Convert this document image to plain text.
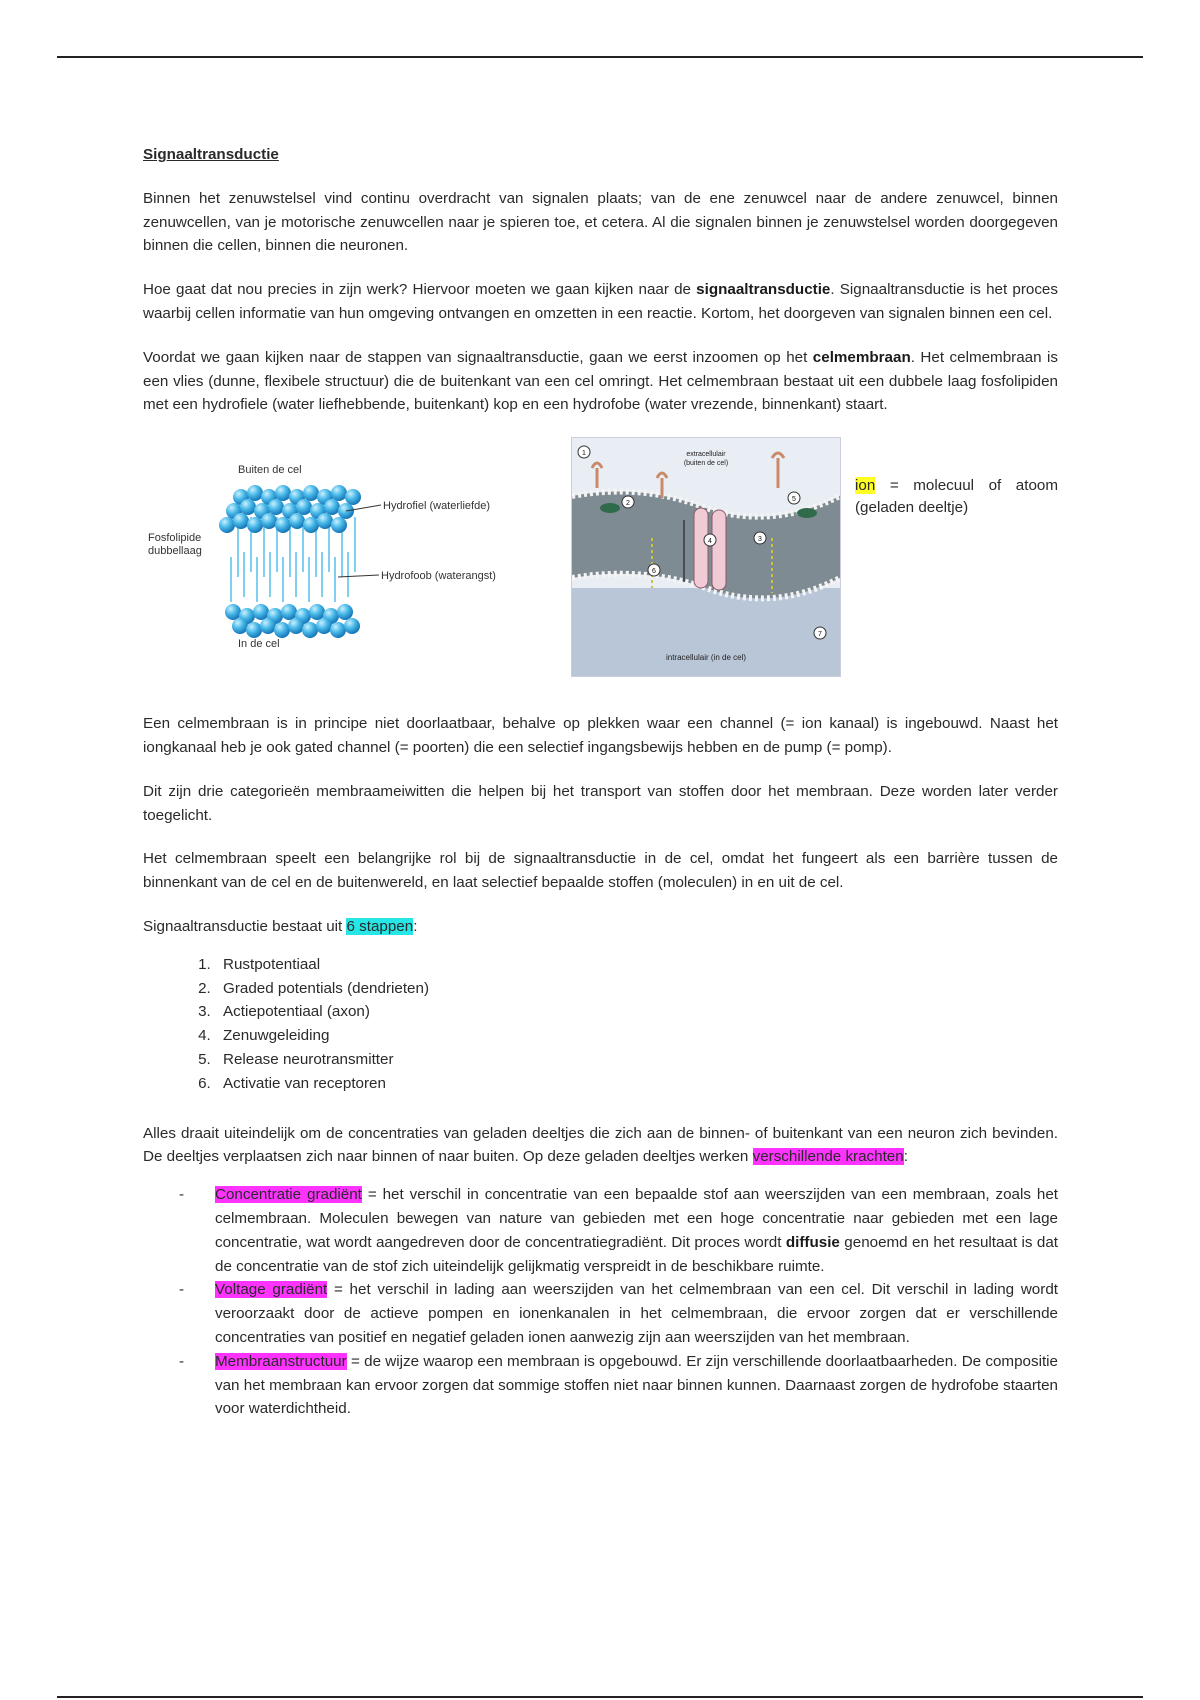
Signaaltransductie

Binnen het zenuwstelsel vind continu overdracht van signalen plaats; van de ene zenuwcel naar de andere zenuwcel, binnen zenuwcellen, van je motorische zenuwcellen naar je spieren toe, et cetera. Al die signalen binnen je zenuwstelsel worden doorgegeven binnen die cellen, binnen die neuronen.

Hoe gaat dat nou precies in zijn werk? Hiervoor moeten we gaan kijken naar de signaaltransductie. Signaaltransductie is het proces waarbij cellen informatie van hun omgeving ontvangen en omzetten in een reactie. Kortom, het doorgeven van signalen binnen een cel.

Voordat we gaan kijken naar de stappen van signaaltransductie, gaan we eerst inzoomen op het celmembraan. Het celmembraan is een vlies (dunne, flexibele structuur) die de buitenkant van een cel omringt. Het celmembraan bestaat uit een dubbele laag fosfolipiden met een hydrofiele (water liefhebbende, buitenkant) kop en een hydrofobe (water vrezende, binnenkant) staart.

Buiten de cel
Fosfolipide
dubbellaag
Hydrofiel (waterliefde)
Hydrofoob (waterangst)
In de cel
extracellulair
(buiten de cel)
intracellulair (in de cel)
1
2
3
4
5
6
7
ion = molecuul of atoom (geladen deeltje)

Een celmembraan is in principe niet doorlaatbaar, behalve op plekken waar een channel (= ion kanaal) is ingebouwd. Naast het iongkanaal heb je ook gated channel (= poorten) die een selectief ingangsbewijs hebben en de pump (= pomp).

Dit zijn drie categorieën membraameiwitten die helpen bij het transport van stoffen door het membraan. Deze worden later verder toegelicht.

Het celmembraan speelt een belangrijke rol bij de signaaltransductie in de cel, omdat het fungeert als een barrière tussen de binnenkant van de cel en de buitenwereld, en laat selectief bepaalde stoffen (moleculen) in en uit de cel.

Signaaltransductie bestaat uit 6 stappen:

1. Rustpotentiaal
2. Graded potentials (dendrieten)
3. Actiepotentiaal (axon)
4. Zenuwgeleiding
5. Release neurotransmitter
6. Activatie van receptoren

Alles draait uiteindelijk om de concentraties van geladen deeltjes die zich aan de binnen- of buitenkant van een neuron zich bevinden. De deeltjes verplaatsen zich naar binnen of naar buiten. Op deze geladen deeltjes werken verschillende krachten:

- Concentratie gradiënt = het verschil in concentratie van een bepaalde stof aan weerszijden van een membraan, zoals het celmembraan. Moleculen bewegen van nature van gebieden met een hoge concentratie naar gebieden met een lage concentratie, wat wordt aangedreven door de concentratiegradiënt. Dit proces wordt diffusie genoemd en het resultaat is dat de concentratie van de stof zich uiteindelijk gelijkmatig verspreidt in de beschikbare ruimte.
- Voltage gradiënt = het verschil in lading aan weerszijden van het celmembraan van een cel. Dit verschil in lading wordt veroorzaakt door de actieve pompen en ionenkanalen in het celmembraan, die ervoor zorgen dat er verschillende concentraties van positief en negatief geladen ionen aanwezig zijn aan weerszijden van het membraan.
- Membraanstructuur = de wijze waarop een membraan is opgebouwd. Er zijn verschillende doorlaatbaarheden. De compositie van het membraan kan ervoor zorgen dat sommige stoffen niet naar binnen kunnen. Daarnaast zorgen de hydrofobe staarten voor waterdichtheid.
